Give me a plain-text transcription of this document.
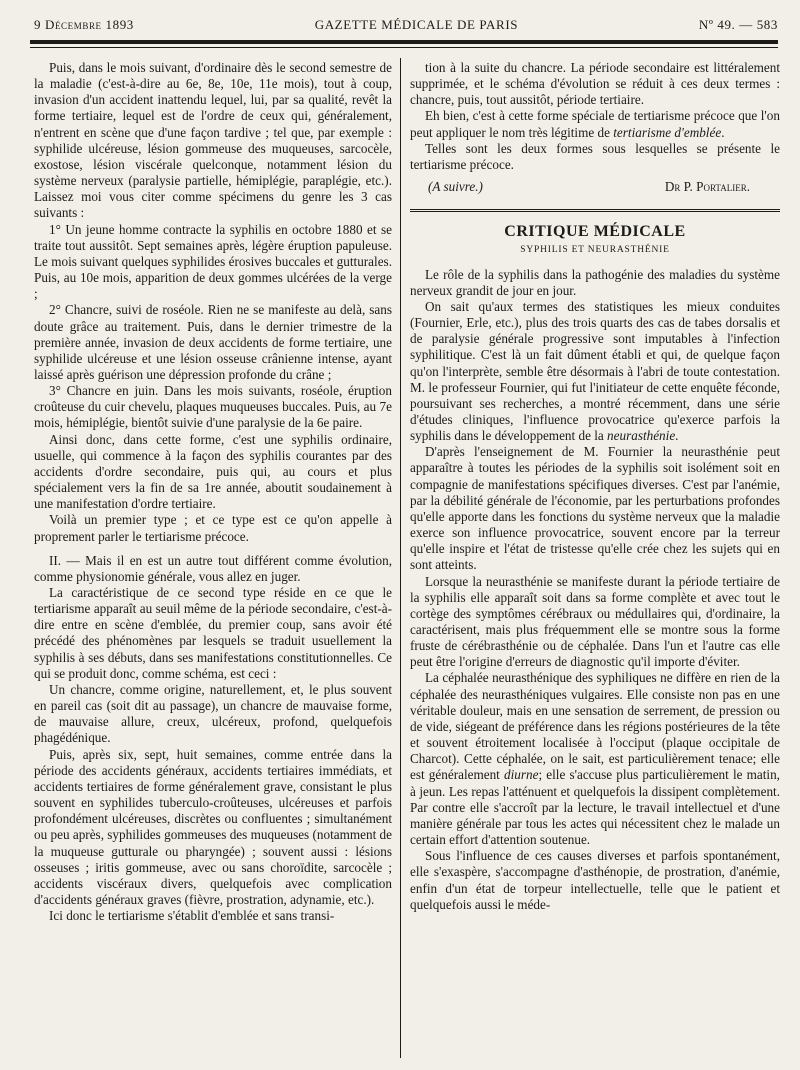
9 Décembre 1893	GAZETTE MÉDICALE DE PARIS	Nº 49. — 583

Puis, dans le mois suivant, d'ordinaire dès le second semestre de la maladie (c'est-à-dire au 6e, 8e, 10e, 11e mois), tout à coup, invasion d'un accident inattendu lequel, lui, par sa qualité, revêt la forme tertiaire, lequel est de l'ordre de ceux qui, généralement, n'entrent en scène que d'une façon tardive ; tel que, par exemple : syphilide ulcéreuse, lésion gommeuse des muqueuses, sarcocèle, exostose, lésion viscérale quelconque, notamment lésion du système nerveux (paralysie partielle, hémiplégie, paraplégie, etc.). Laissez moi vous citer comme spécimens du genre les 3 cas suivants :

1° Un jeune homme contracte la syphilis en octobre 1880 et se traite tout aussitôt. Sept semaines après, légère éruption papuleuse. Le mois suivant quelques syphilides érosives buccales et gutturales. Puis, au 10e mois, apparition de deux gommes ulcérées de la verge ;

2° Chancre, suivi de roséole. Rien ne se manifeste au delà, sans doute grâce au traitement. Puis, dans le dernier trimestre de la première année, invasion de deux accidents de forme tertiaire, une syphilide ulcéreuse et une lésion osseuse crânienne intense, ayant laissé après guérison une dépression profonde du crâne ;

3° Chancre en juin. Dans les mois suivants, roséole, éruption croûteuse du cuir chevelu, plaques muqueuses buccales. Puis, au 7e mois, hémiplégie, bientôt suivie d'une paralysie de la 6e paire.

Ainsi donc, dans cette forme, c'est une syphilis ordinaire, usuelle, qui commence à la façon des syphilis courantes par des accidents d'ordre secondaire, puis qui, au cours et plus spécialement vers la fin de sa 1re année, aboutit soudainement à une manifestation d'ordre tertiaire.

Voilà un premier type ; et ce type est ce qu'on appelle à proprement parler le tertiarisme précoce.

II. — Mais il en est un autre tout différent comme évolution, comme physionomie générale, vous allez en juger.

La caractéristique de ce second type réside en ce que le tertiarisme apparaît au seuil même de la période secondaire, c'est-à-dire entre en scène d'emblée, du premier coup, sans avoir été précédé des phénomènes par lesquels se traduit usuellement la syphilis à ses débuts, dans ses manifestations constitutionnelles. Ce qui se produit donc, comme schéma, est ceci :

Un chancre, comme origine, naturellement, et, le plus souvent en pareil cas (soit dit au passage), un chancre de mauvaise forme, de mauvaise allure, creux, ulcéreux, profond, quelquefois phagédénique.

Puis, après six, sept, huit semaines, comme entrée dans la période des accidents généraux, accidents tertiaires immédiats, et accidents tertiaires de forme généralement grave, consistant le plus souvent en syphilides tuberculo-croûteuses, ulcéreuses et parfois profondément ulcéreuses, discrètes ou confluentes ; simultanément ou peu après, syphilides gommeuses des muqueuses (notamment de la muqueuse gutturale ou pharyngée) ; souvent aussi : lésions osseuses ; iritis gommeuse, avec ou sans choroïdite, sarcocèle ; accidents viscéraux divers, quelquefois avec complication d'accidents généraux graves (fièvre, prostration, adynamie, etc.).

Ici donc le tertiarisme s'établit d'emblée et sans transi-

tion à la suite du chancre. La période secondaire est littéralement supprimée, et le schéma d'évolution se réduit à ces deux termes : chancre, puis, tout aussitôt, période tertiaire.

Eh bien, c'est à cette forme spéciale de tertiarisme précoce que l'on peut appliquer le nom très légitime de tertiarisme d'emblée.

Telles sont les deux formes sous lesquelles se présente le tertiarisme précoce.

(A suivre.)	Dr P. Portalier.
CRITIQUE MÉDICALE
SYPHILIS ET NEURASTHÉNIE

Le rôle de la syphilis dans la pathogénie des maladies du système nerveux grandit de jour en jour.

On sait qu'aux termes des statistiques les mieux conduites (Fournier, Erle, etc.), plus des trois quarts des cas de tabes dorsalis et de paralysie générale progressive sont imputables à l'infection syphilitique. C'est là un fait dûment établi et qui, de quelque façon qu'on l'interprète, semble être désormais à l'abri de toute contestation. M. le professeur Fournier, qui fut l'initiateur de cette enquête féconde, poursuivant ses recherches, a montré récemment, dans une série d'études cliniques, l'influence provocatrice qu'exerce parfois la syphilis dans le développement de la neurasthénie.

D'après l'enseignement de M. Fournier la neurasthénie peut apparaître à toutes les périodes de la syphilis soit isolément soit en compagnie de manifestations spécifiques diverses. C'est par l'anémie, par la débilité générale de l'économie, par les perturbations profondes qu'elle apporte dans les fonctions du système nerveux que la maladie exerce son influence provocatrice, souvent encore par la terreur qu'elle inspire et l'état de tristesse qu'elle crée chez les sujets qui en sont atteints.

Lorsque la neurasthénie se manifeste durant la période tertiaire de la syphilis elle apparaît soit dans sa forme complète et avec tout le cortège des symptômes cérébraux ou médullaires qui, d'ordinaire, la caractérisent, mais plus fréquemment elle se montre sous la forme fruste de cérébrasthénie ou de céphalée. Dans l'un et l'autre cas elle peut être l'origine d'erreurs de diagnostic qu'il importe d'éviter.

La céphalée neurasthénique des syphiliques ne diffère en rien de la céphalée des neurasthéniques vulgaires. Elle consiste non pas en une véritable douleur, mais en une sensation de serrement, de pression ou de vide, siégeant de préférence dans les régions postérieures de la tête et souvent étroitement localisée à l'occiput (plaque occipitale de Charcot). Cette céphalée, on le sait, est particulièrement tenace; elle est généralement diurne; elle s'accuse plus particulièrement le matin, à jeun. Les repas l'atténuent et quelquefois la dissipent complètement. Par contre elle s'accroît par la lecture, le travail intellectuel et d'une manière générale par tous les actes qui nécessitent chez le malade un certain effort d'attention soutenue.

Sous l'influence de ces causes diverses et parfois spontanément, elle s'exaspère, s'accompagne d'asthénopie, de prostration, d'anémie, enfin d'un état de torpeur intellectuelle, telle que le patient et quelquefois aussi le méde-
